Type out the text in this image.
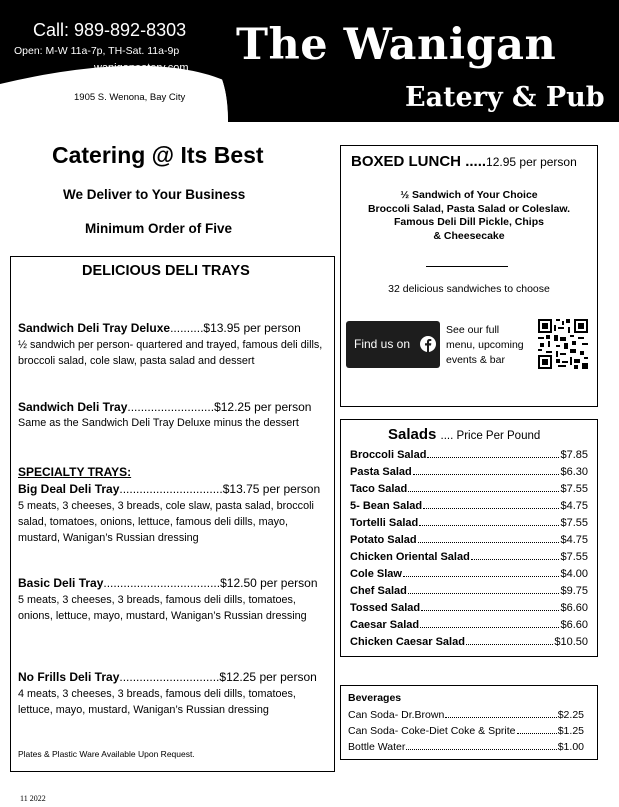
Call: 989-892-8303
Open: M-W 11a-7p, TH-Sat. 11a-9p
waniganeatery.com
1905 S. Wenona, Bay City
The Wanigan
Eatery & Pub
Catering @ Its Best
We Deliver to Your Business
Minimum Order of Five
DELICIOUS DELI TRAYS
Sandwich Deli Tray Deluxe..........$13.95 per person
½ sandwich per person- quartered and trayed, famous deli dills, broccoli salad, cole slaw, pasta salad and dessert
Sandwich Deli Tray..........................$12.25 per person
Same as the Sandwich Deli Tray Deluxe minus the dessert
SPECIALTY TRAYS:
Big Deal Deli Tray...............................$13.75 per person
5 meats, 3 cheeses, 3 breads, cole slaw, pasta salad, broccoli salad, tomatoes, onions, lettuce, famous deli dills, mayo, mustard, Wanigan’s Russian dressing
Basic Deli Tray...................................$12.50 per person
5 meats, 3 cheeses, 3 breads, famous deli dills, tomatoes, onions, lettuce, mayo, mustard, Wanigan’s Russian dressing
No Frills Deli Tray..............................$12.25 per person
4 meats, 3 cheeses, 3 breads, famous deli dills, tomatoes, lettuce, mayo, mustard, Wanigan’s Russian dressing
Plates & Plastic Ware Available Upon Request.
BOXED LUNCH .....12.95 per person
½ Sandwich of Your Choice
Broccoli Salad, Pasta Salad or Coleslaw.
Famous Deli Dill Pickle, Chips
& Cheesecake
32 delicious sandwiches to choose
Find us on
See our full
menu, upcoming
events & bar
Salads .... Price Per Pound
Broccoli Salad	$7.85
Pasta Salad	$6.30
Taco Salad	$7.55
5- Bean Salad	$4.75
Tortelli Salad	$7.55
Potato Salad	$4.75
Chicken Oriental Salad	$7.55
Cole Slaw	$4.00
Chef Salad	$9.75
Tossed Salad	$6.60
Caesar Salad	$6.60
Chicken Caesar Salad	$10.50
Beverages
Can Soda- Dr.Brown	$2.25
Can Soda- Coke-Diet Coke & Sprite	$1.25
Bottle Water	$1.00
11 2022
